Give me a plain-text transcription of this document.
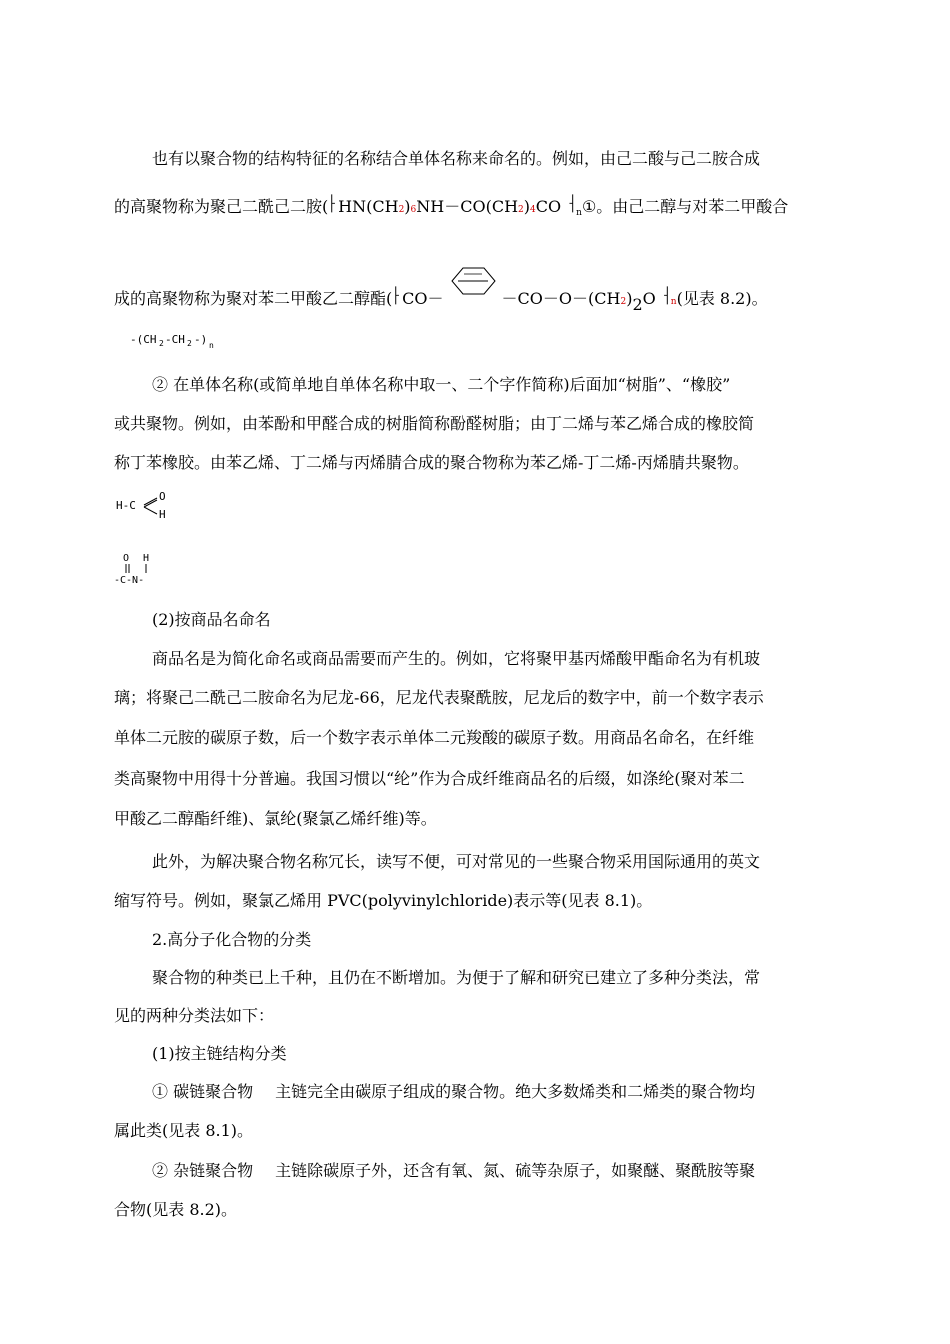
也有以聚合物的结构特征的名称结合单体名称来命名的。例如，由己二酸与己二胺合成
的高聚物称为聚己二酰己二胺(⸠HN(CH2)6NH－CO(CH2)4CO $⸡_n①$。由己二醇与对苯二甲酸合
成的高聚物称为聚对苯二甲酸乙二醇酯(⸠CO－	－CO－O－(CH2)2O ⸡n(见表 8.2)。

-(CH 2 -CH 2 -) n

② 在单体名称(或简单地自单体名称中取一、二个字作简称)后面加“树脂”、“橡胶”
或共聚物。例如，由苯酚和甲醛合成的树脂简称酚醛树脂；由丁二烯与苯乙烯合成的橡胶简
称丁苯橡胶。由苯乙烯、丁二烯与丙烯腈合成的聚合物称为苯乙烯-丁二烯-丙烯腈共聚物。
H-C
O
H
O H
-C-N-
(2)按商品名命名
商品名是为简化命名或商品需要而产生的。例如，它将聚甲基丙烯酸甲酯命名为有机玻
璃；将聚己二酰己二胺命名为尼龙-66，尼龙代表聚酰胺，尼龙后的数字中，前一个数字表示
单体二元胺的碳原子数，后一个数字表示单体二元羧酸的碳原子数。用商品名命名，在纤维
类高聚物中用得十分普遍。我国习惯以“纶”作为合成纤维商品名的后缀，如涤纶(聚对苯二
甲酸乙二醇酯纤维)、氯纶(聚氯乙烯纤维)等。
此外，为解决聚合物名称冗长，读写不便，可对常见的一些聚合物采用国际通用的英文
缩写符号。例如，聚氯乙烯用 PVC(polyvinylchloride)表示等(见表 8.1)。
2.高分子化合物的分类
聚合物的种类已上千种，且仍在不断增加。为便于了解和研究已建立了多种分类法，常
见的两种分类法如下：
(1)按主链结构分类
① 碳链聚合物 主链完全由碳原子组成的聚合物。绝大多数烯类和二烯类的聚合物均
属此类(见表 8.1)。
② 杂链聚合物 主链除碳原子外，还含有氧、氮、硫等杂原子，如聚醚、聚酰胺等聚
合物(见表 8.2)。
